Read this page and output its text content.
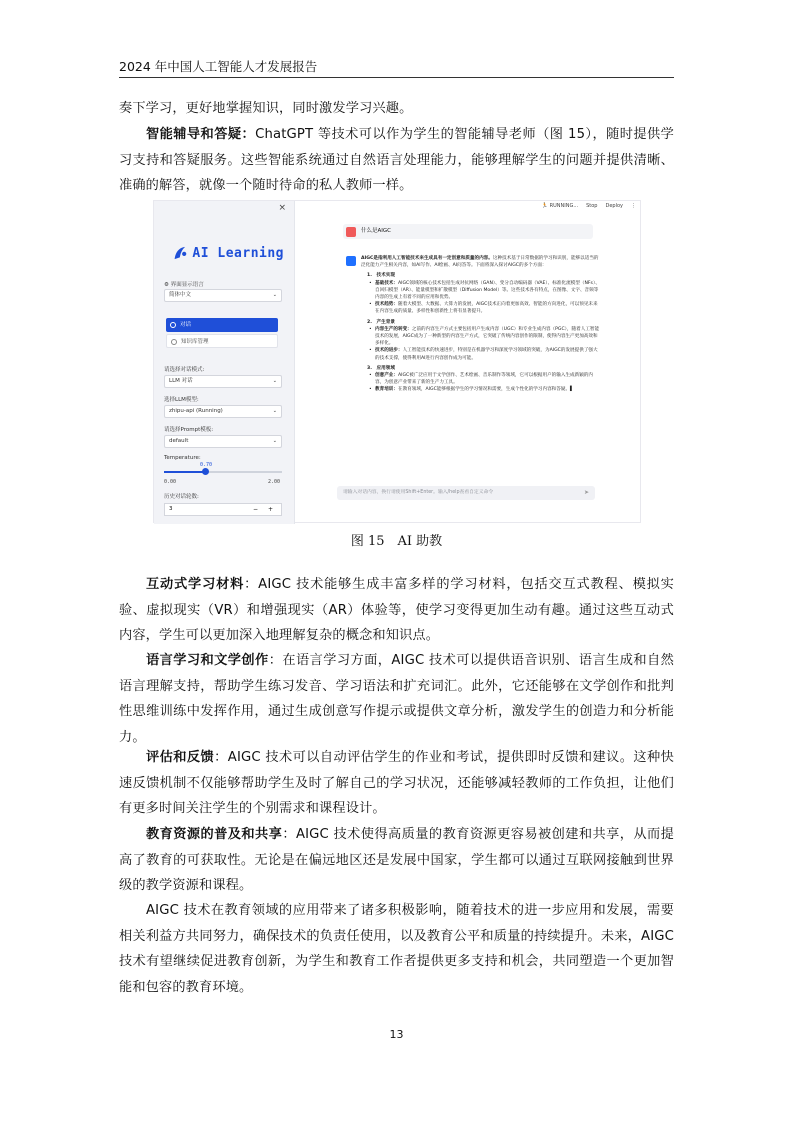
2024 年中国人工智能人才发展报告
奏下学习，更好地掌握知识，同时激发学习兴趣。
智能辅导和答疑：ChatGPT 等技术可以作为学生的智能辅导老师（图 15），随时提供学习支持和答疑服务。这些智能系统通过自然语言处理能力，能够理解学生的问题并提供清晰、准确的解答，就像一个随时待命的私人教师一样。
×
AI Learning
⚙ 界面显示语言
简体中文	⌄
对话
知识库管理
请选择对话模式:
LLM 对话	⌄
选择LLM模型:
zhipu-api (Running)	⌄
请选择Prompt模板:
default	⌄
Temperature:
0.70
0.00	2.00
历史对话轮数:
3	− +
🏃 RUNNING... Stop Deploy ⋮
什么是AIGC
AIGC是指利用人工智能技术来生成具有一定创意和质量的内容。这种技术基于日常数据的学习和识别，能够以适当的泛化能力产生相关内容，如AI写作、AI绘画、AI问答等。下面将深入探讨AIGC的多个方面：
1.　技术实现
• 基础技术：AIGC领域的核心技术包括生成对抗网络（GAN）、变分自动编码器（VAE）、标准化流模型（NFs）、自回归模型（AR）、能量模型和扩散模型（Diffusion Model）等。这些技术各有特点，在图像、文字、音频等内容的生成上有着不同的应用和优势。
• 技术趋势：随着大模型、大数据、大算力的发展，AIGC技术正向着更加高效、智能的方向进化，可以预见未来在内容生成的质量、多样性和创新性上将有显著提升。
2.　产生背景
• 内容生产的转变：之前的内容生产方式主要包括用户生成内容（UGC）和专业生成内容（PGC），随着人工智能技术的发展，AIGC成为了一种新型的内容生产方式，它突破了传统内容创作的限制，使得内容生产更加高效和多样化。
• 技术的进步：人工智能技术的快速进步，特别是在机器学习和深度学习领域的突破，为AIGC的发展提供了强大的技术支撑，使得利用AI进行内容创作成为可能。
3.　应用领域
• 创意产业：AIGC被广泛应用于文学创作、艺术绘画、音乐制作等领域，它可以根据用户的输入生成新颖的内容，为创意产业带来了新的生产力工具。
• 教育培训：在教育领域，AIGC能够根据学生的学习情况和需要，生成个性化的学习内容和答疑。▌
请输入对话内容，换行请使用Shift+Enter。输入/help查看自定义命令	➤
图 15　AI 助教
互动式学习材料：AIGC 技术能够生成丰富多样的学习材料，包括交互式教程、模拟实验、虚拟现实（VR）和增强现实（AR）体验等，使学习变得更加生动有趣。通过这些互动式内容，学生可以更加深入地理解复杂的概念和知识点。
语言学习和文学创作：在语言学习方面，AIGC 技术可以提供语音识别、语言生成和自然语言理解支持，帮助学生练习发音、学习语法和扩充词汇。此外，它还能够在文学创作和批判性思维训练中发挥作用，通过生成创意写作提示或提供文章分析，激发学生的创造力和分析能力。
评估和反馈：AIGC 技术可以自动评估学生的作业和考试，提供即时反馈和建议。这种快速反馈机制不仅能够帮助学生及时了解自己的学习状况，还能够减轻教师的工作负担，让他们有更多时间关注学生的个别需求和课程设计。
教育资源的普及和共享：AIGC 技术使得高质量的教育资源更容易被创建和共享，从而提高了教育的可获取性。无论是在偏远地区还是发展中国家，学生都可以通过互联网接触到世界级的教学资源和课程。
AIGC 技术在教育领域的应用带来了诸多积极影响，随着技术的进一步应用和发展，需要相关利益方共同努力，确保技术的负责任使用，以及教育公平和质量的持续提升。未来，AIGC 技术有望继续促进教育创新，为学生和教育工作者提供更多支持和机会，共同塑造一个更加智能和包容的教育环境。
13
